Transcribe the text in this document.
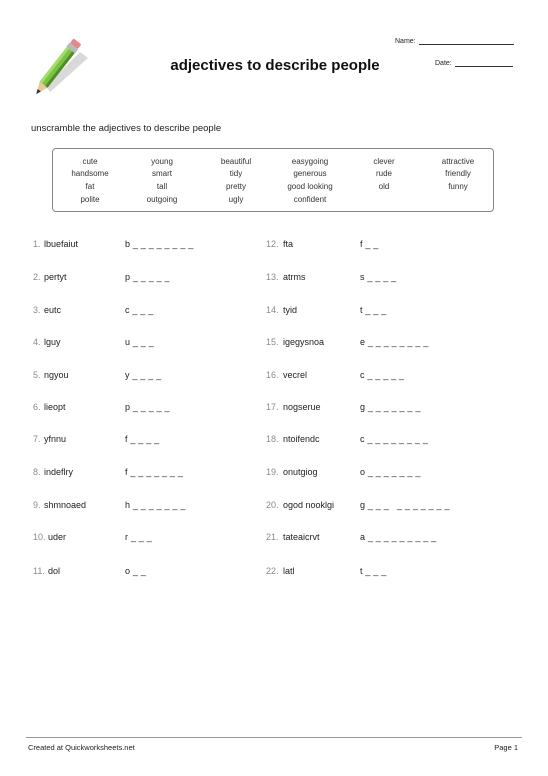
adjectives to describe people
Name:
Date:
unscramble the adjectives to describe people
cute	young	beautiful	easygoing	clever	attractive
handsome	smart	tidy	generous	rude	friendly
fat	tall	pretty	good looking	old	funny
polite	outgoing	ugly	confident
1. lbuefaiut	b _ _ _ _ _ _ _ _
2. pertyt	p _ _ _ _ _
3. eutc	c _ _ _
4. lguy	u _ _ _
5. ngyou	y _ _ _ _
6. lieopt	p _ _ _ _ _
7. yfnnu	f _ _ _ _
8. indeflry	f _ _ _ _ _ _ _
9. shmnoaed	h _ _ _ _ _ _ _
10. uder	r _ _ _
11. dol	o _ _
12. fta	f _ _
13. atrms	s _ _ _ _
14. tyid	t _ _ _
15. igegysnoa	e _ _ _ _ _ _ _ _
16. vecrel	c _ _ _ _ _
17. nogserue	g _ _ _ _ _ _ _
18. ntoifendc	c _ _ _ _ _ _ _ _
19. onutgiog	o _ _ _ _ _ _ _
20. ogod nooklgi	g _ _ _   _ _ _ _ _ _ _
21. tateaicrvt	a _ _ _ _ _ _ _ _ _
22. latl	t _ _ _
Created at Quickworksheets.net	Page 1
